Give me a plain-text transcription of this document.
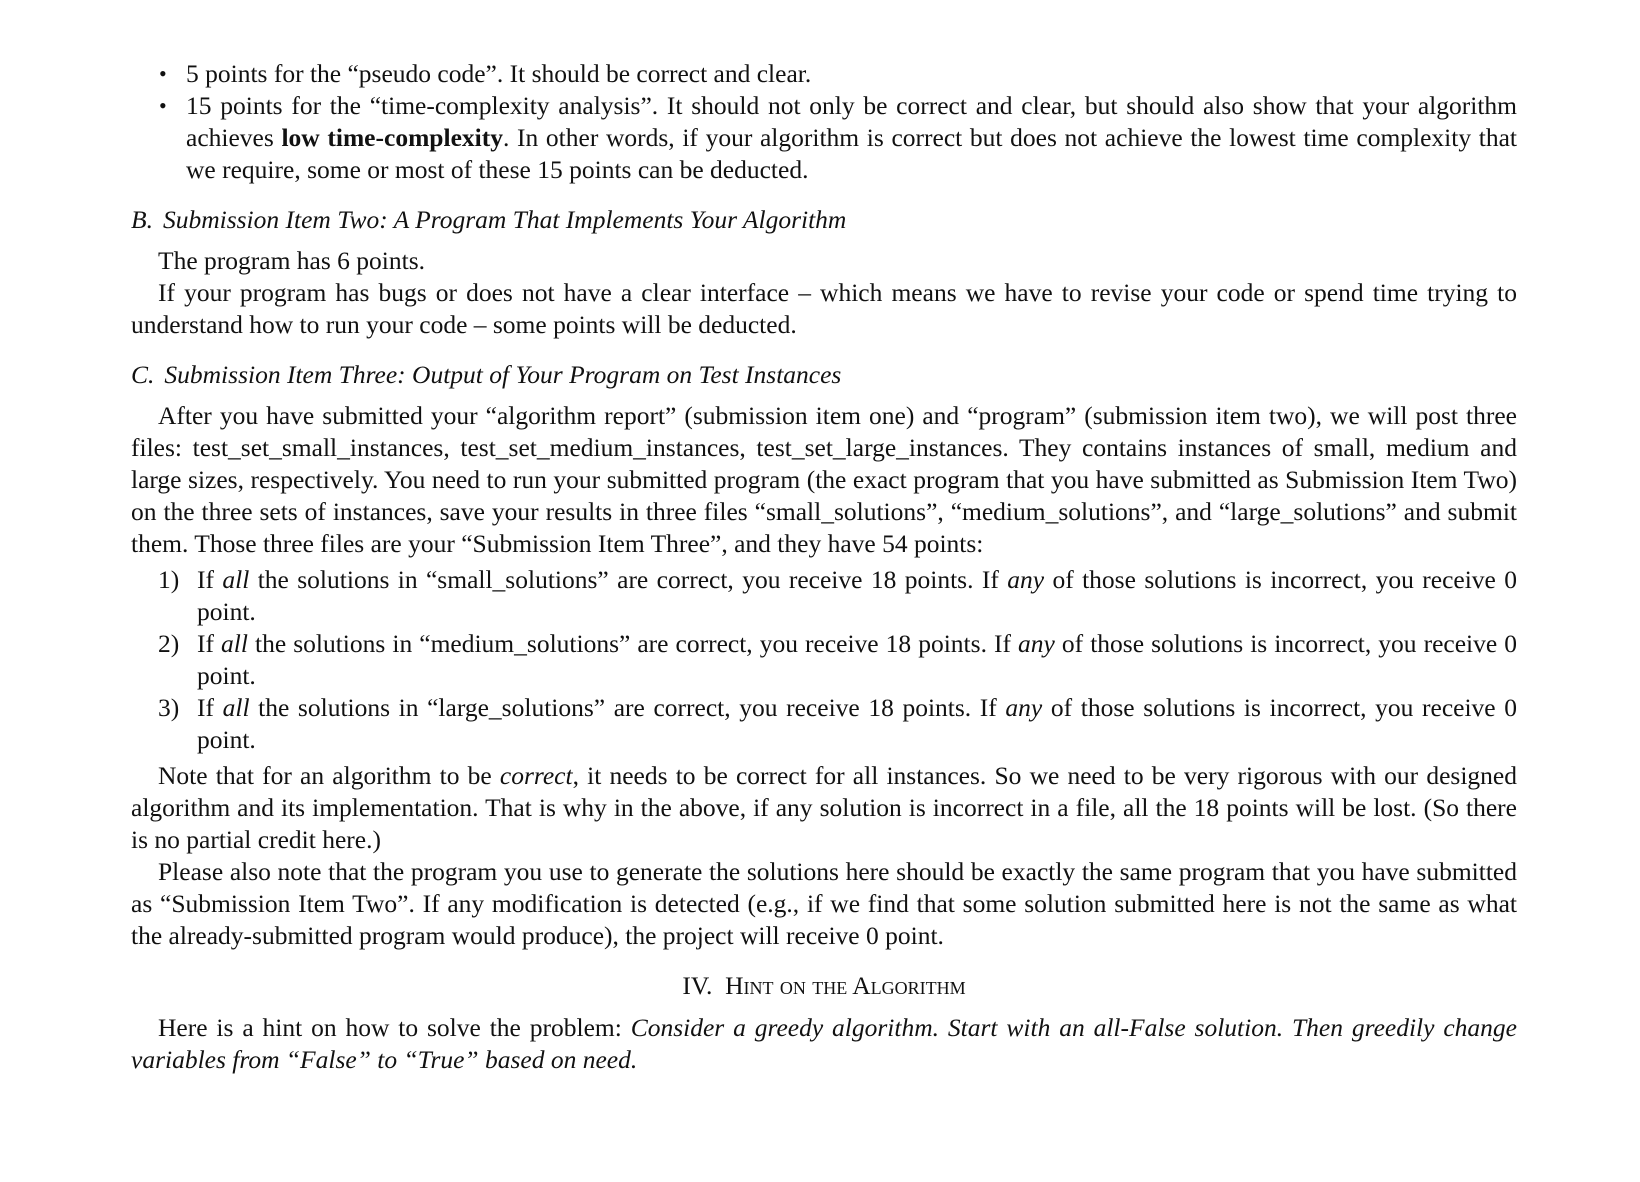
• 5 points for the “pseudo code”. It should be correct and clear.
• 15 points for the “time-complexity analysis”. It should not only be correct and clear, but should also show that your algorithm achieves low time-complexity. In other words, if your algorithm is correct but does not achieve the lowest time complexity that we require, some or most of these 15 points can be deducted.
B. Submission Item Two: A Program That Implements Your Algorithm

The program has 6 points.

If your program has bugs or does not have a clear interface – which means we have to revise your code or spend time trying to understand how to run your code – some points will be deducted.

C. Submission Item Three: Output of Your Program on Test Instances

After you have submitted your “algorithm report” (submission item one) and “program” (submission item two), we will post three files: test_set_small_instances, test_set_medium_instances, test_set_large_instances. They contains instances of small, medium and large sizes, respectively. You need to run your submitted program (the exact program that you have submitted as Submission Item Two) on the three sets of instances, save your results in three files “small_solutions”, “medium_solutions”, and “large_solutions” and submit them. Those three files are your “Submission Item Three”, and they have 54 points:

1) If all the solutions in “small_solutions” are correct, you receive 18 points. If any of those solutions is incorrect, you receive 0 point.
2) If all the solutions in “medium_solutions” are correct, you receive 18 points. If any of those solutions is incorrect, you receive 0 point.
3) If all the solutions in “large_solutions” are correct, you receive 18 points. If any of those solutions is incorrect, you receive 0 point.

Note that for an algorithm to be correct, it needs to be correct for all instances. So we need to be very rigorous with our designed algorithm and its implementation. That is why in the above, if any solution is incorrect in a file, all the 18 points will be lost. (So there is no partial credit here.)

Please also note that the program you use to generate the solutions here should be exactly the same program that you have submitted as “Submission Item Two”. If any modification is detected (e.g., if we find that some solution submitted here is not the same as what the already-submitted program would produce), the project will receive 0 point.

IV. Hint on the Algorithm

Here is a hint on how to solve the problem: Consider a greedy algorithm. Start with an all-False solution. Then greedily change variables from “False” to “True” based on need.
